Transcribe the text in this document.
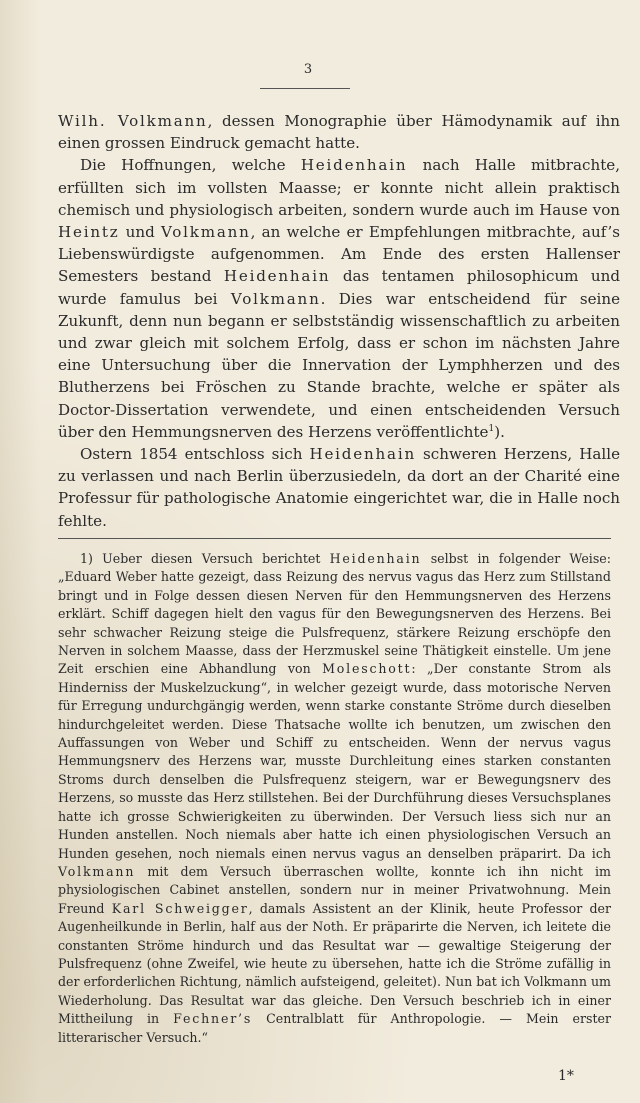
3

Wilh. Volkmann, dessen Monographie über Hämodynamik auf ihn einen grossen Eindruck gemacht hatte.

Die Hoffnungen, welche Heidenhain nach Halle mitbrachte, erfüllten sich im vollsten Maasse; er konnte nicht allein praktisch chemisch und physiologisch arbeiten, sondern wurde auch im Hause von Heintz und Volkmann, an welche er Empfehlungen mitbrachte, auf’s Liebenswürdigste aufgenommen. Am Ende des ersten Hallenser Semesters bestand Heidenhain das tentamen philosophicum und wurde famulus bei Volkmann. Dies war entscheidend für seine Zukunft, denn nun begann er selbstständig wissenschaftlich zu arbeiten und zwar gleich mit solchem Erfolg, dass er schon im nächsten Jahre eine Untersuchung über die Innervation der Lymphherzen und des Blutherzens bei Fröschen zu Stande brachte, welche er später als Doctor-Dissertation verwendete, und einen entscheidenden Versuch über den Hemmungsnerven des Herzens veröffentlichte$^1$).

Ostern 1854 entschloss sich Heidenhain schweren Herzens, Halle zu verlassen und nach Berlin überzusiedeln, da dort an der Charité eine Professur für pathologische Anatomie eingerichtet war, die in Halle noch fehlte.

1) Ueber diesen Versuch berichtet Heidenhain selbst in folgender Weise: „Eduard Weber hatte gezeigt, dass Reizung des nervus vagus das Herz zum Stillstand bringt und in Folge dessen diesen Nerven für den Hemmungsnerven des Herzens erklärt. Schiff dagegen hielt den vagus für den Bewegungsnerven des Herzens. Bei sehr schwacher Reizung steige die Pulsfrequenz, stärkere Reizung erschöpfe den Nerven in solchem Maasse, dass der Herzmuskel seine Thätigkeit einstelle. Um jene Zeit erschien eine Abhandlung von Moleschott: „Der constante Strom als Hinderniss der Muskelzuckung“, in welcher gezeigt wurde, dass motorische Nerven für Erregung undurchgängig werden, wenn starke constante Ströme durch dieselben hindurchgeleitet werden. Diese Thatsache wollte ich benutzen, um zwischen den Auffassungen von Weber und Schiff zu entscheiden. Wenn der nervus vagus Hemmungsnerv des Herzens war, musste Durchleitung eines starken constanten Stroms durch denselben die Pulsfrequenz steigern, war er Bewegungsnerv des Herzens, so musste das Herz stillstehen. Bei der Durchführung dieses Versuchsplanes hatte ich grosse Schwierigkeiten zu überwinden. Der Versuch liess sich nur an Hunden anstellen. Noch niemals aber hatte ich einen physiologischen Versuch an Hunden gesehen, noch niemals einen nervus vagus an denselben präparirt. Da ich Volkmann mit dem Versuch überraschen wollte, konnte ich ihn nicht im physiologischen Cabinet anstellen, sondern nur in meiner Privatwohnung. Mein Freund Karl Schweigger, damals Assistent an der Klinik, heute Professor der Augenheilkunde in Berlin, half aus der Noth. Er präparirte die Nerven, ich leitete die constanten Ströme hindurch und das Resultat war — gewaltige Steigerung der Pulsfrequenz (ohne Zweifel, wie heute zu übersehen, hatte ich die Ströme zufällig in der erforderlichen Richtung, nämlich aufsteigend, geleitet). Nun bat ich Volkmann um Wiederholung. Das Resultat war das gleiche. Den Versuch beschrieb ich in einer Mittheilung in Fechner’s Centralblatt für Anthropologie. — Mein erster litterarischer Versuch.“

1*
